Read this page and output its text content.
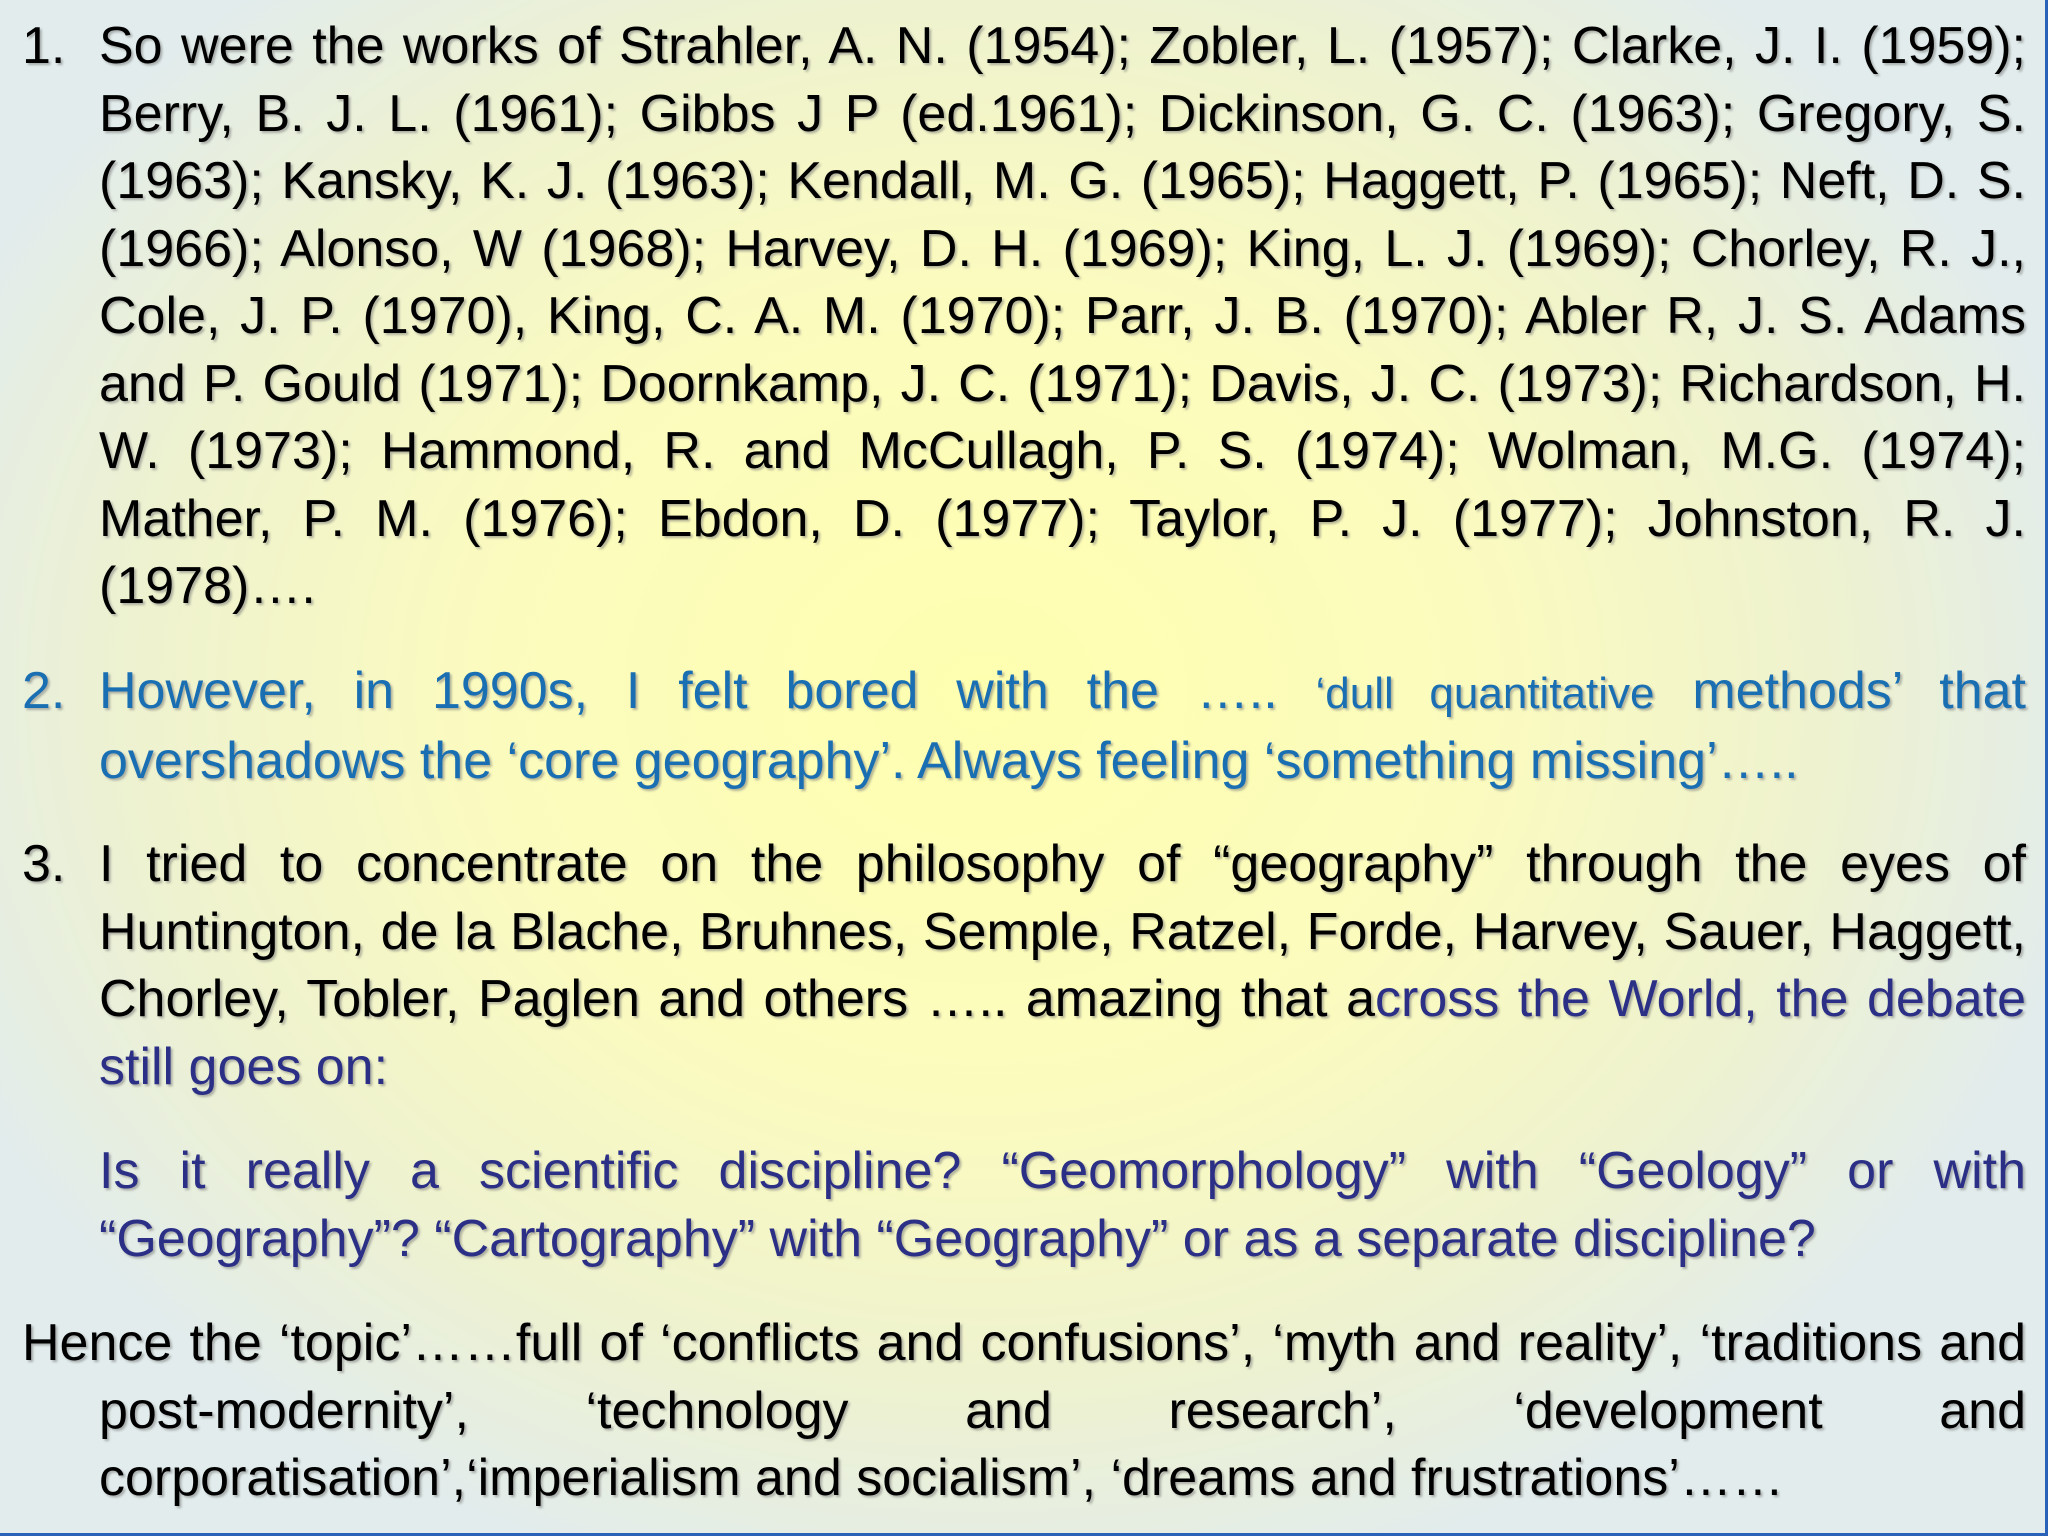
1. So were the works of Strahler, A. N. (1954); Zobler, L. (1957); Clarke, J. I. (1959); Berry, B. J. L. (1961); Gibbs J P (ed.1961); Dickinson, G. C. (1963); Gregory, S. (1963); Kansky, K. J. (1963); Kendall, M. G. (1965); Haggett, P. (1965); Neft, D. S. (1966); Alonso, W (1968); Harvey, D. H. (1969); King, L. J. (1969); Chorley, R. J., Cole, J. P. (1970), King, C. A. M. (1970); Parr, J. B. (1970); Abler R, J. S. Adams and P. Gould (1971); Doornkamp, J. C. (1971); Davis, J. C. (1973); Richardson, H. W. (1973); Hammond, R. and McCullagh, P. S. (1974); Wolman, M.G. (1974); Mather, P. M. (1976); Ebdon, D. (1977); Taylor, P. J. (1977); Johnston, R. J. (1978)….
2. However, in 1990s, I felt bored with the ….. ‘dull quantitative methods’ that overshadows the ‘core geography’. Always feeling ‘something missing’…..
3. I tried to concentrate on the philosophy of “geography” through the eyes of Huntington, de la Blache, Bruhnes, Semple, Ratzel, Forde, Harvey, Sauer, Haggett, Chorley, Tobler, Paglen and others ….. amazing that across the World, the debate still goes on:
Is it really a scientific discipline? “Geomorphology” with “Geology” or with “Geography”? “Cartography” with “Geography” or as a separate discipline?
Hence the ‘topic’……full of ‘conflicts and confusions’, ‘myth and reality’, ‘traditions and post-modernity’, ‘technology and research’, ‘development and corporatisation’,‘imperialism and socialism’, ‘dreams and frustrations’……
